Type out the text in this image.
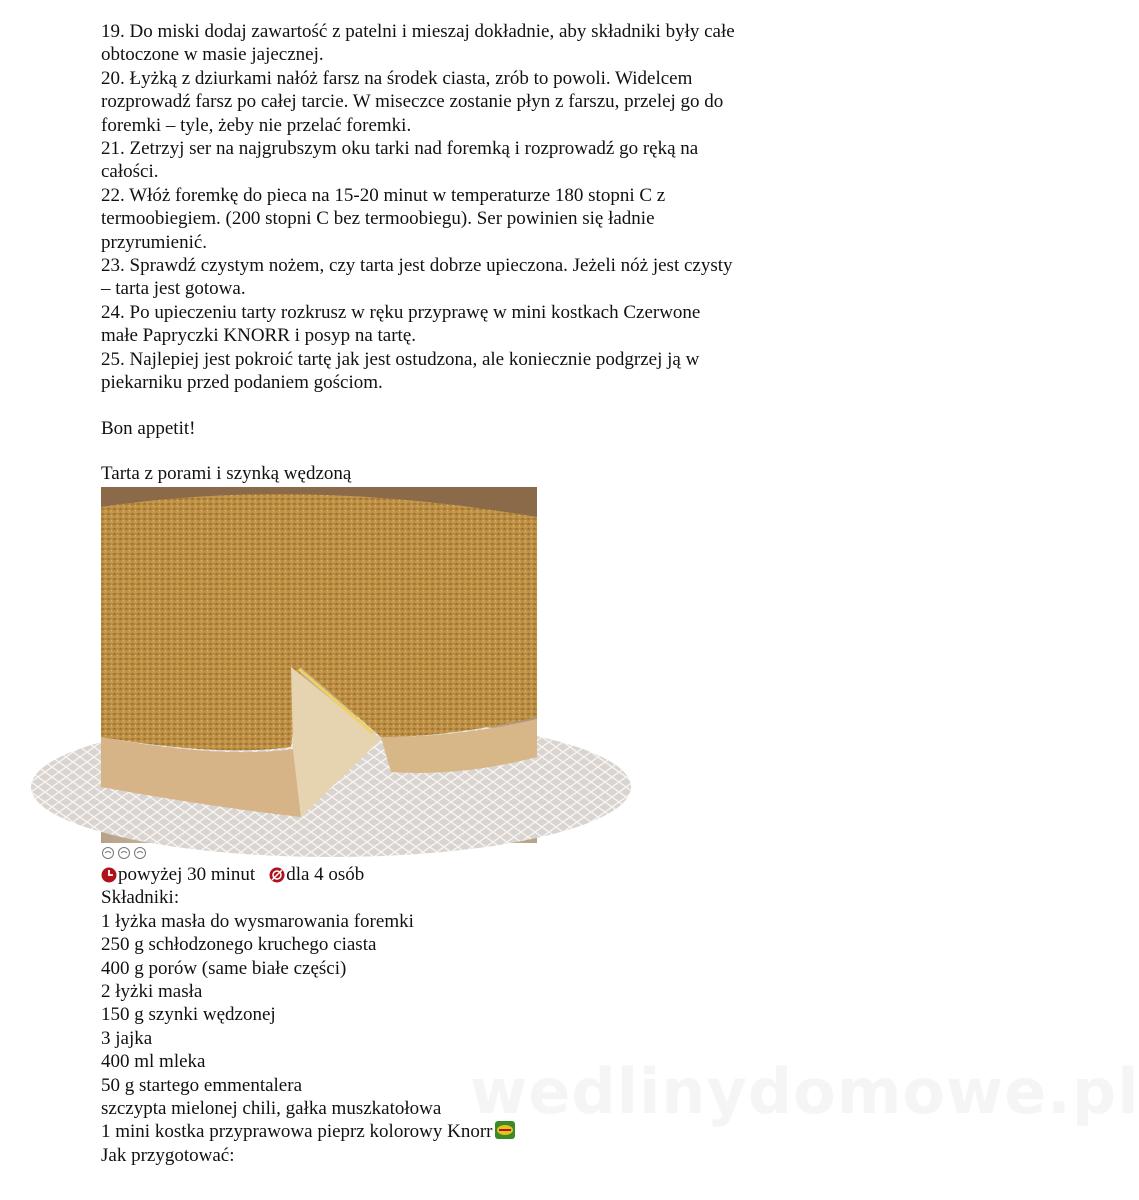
19. Do miski dodaj zawartość z patelni i mieszaj dokładnie, aby składniki były całe obtoczone w masie jajecznej.

20. Łyżką z dziurkami nałóż farsz na środek ciasta, zrób to powoli. Widelcem rozprowadź farsz po całej tarcie. W miseczce zostanie płyn z farszu, przelej go do foremki – tyle, żeby nie przelać foremki.

21. Zetrzyj ser na najgrubszym oku tarki nad foremką i rozprowadź go ręką na całości.

22. Włóż foremkę do pieca na 15-20 minut w temperaturze 180 stopni C z termoobiegiem. (200 stopni C bez termoobiegu). Ser powinien się ładnie przyrumienić.

23. Sprawdź czystym nożem, czy tarta jest dobrze upieczona. Jeżeli nóż jest czysty – tarta jest gotowa.

24. Po upieczeniu tarty rozkrusz w ręku przyprawę w mini kostkach Czerwone małe Papryczki KNORR i posyp na tartę.

25. Najlepiej jest pokroić tartę jak jest ostudzona, ale koniecznie podgrzej ją w piekarniku przed podaniem gościom.

Bon appetit!

Tarta z porami i szynką wędzoną

powyżej 30 minut dla 4 osób

Składniki:

1 łyżka masła do wysmarowania foremki

250 g schłodzonego kruchego ciasta

400 g porów (same białe części)

2 łyżki masła

150 g szynki wędzonej

3 jajka

400 ml mleka

50 g startego emmentalera

szczypta mielonej chili, gałka muszkatołowa

1 mini kostka przyprawowa pieprz kolorowy Knorr

Jak przygotować:

wedlinydomowe.pl
